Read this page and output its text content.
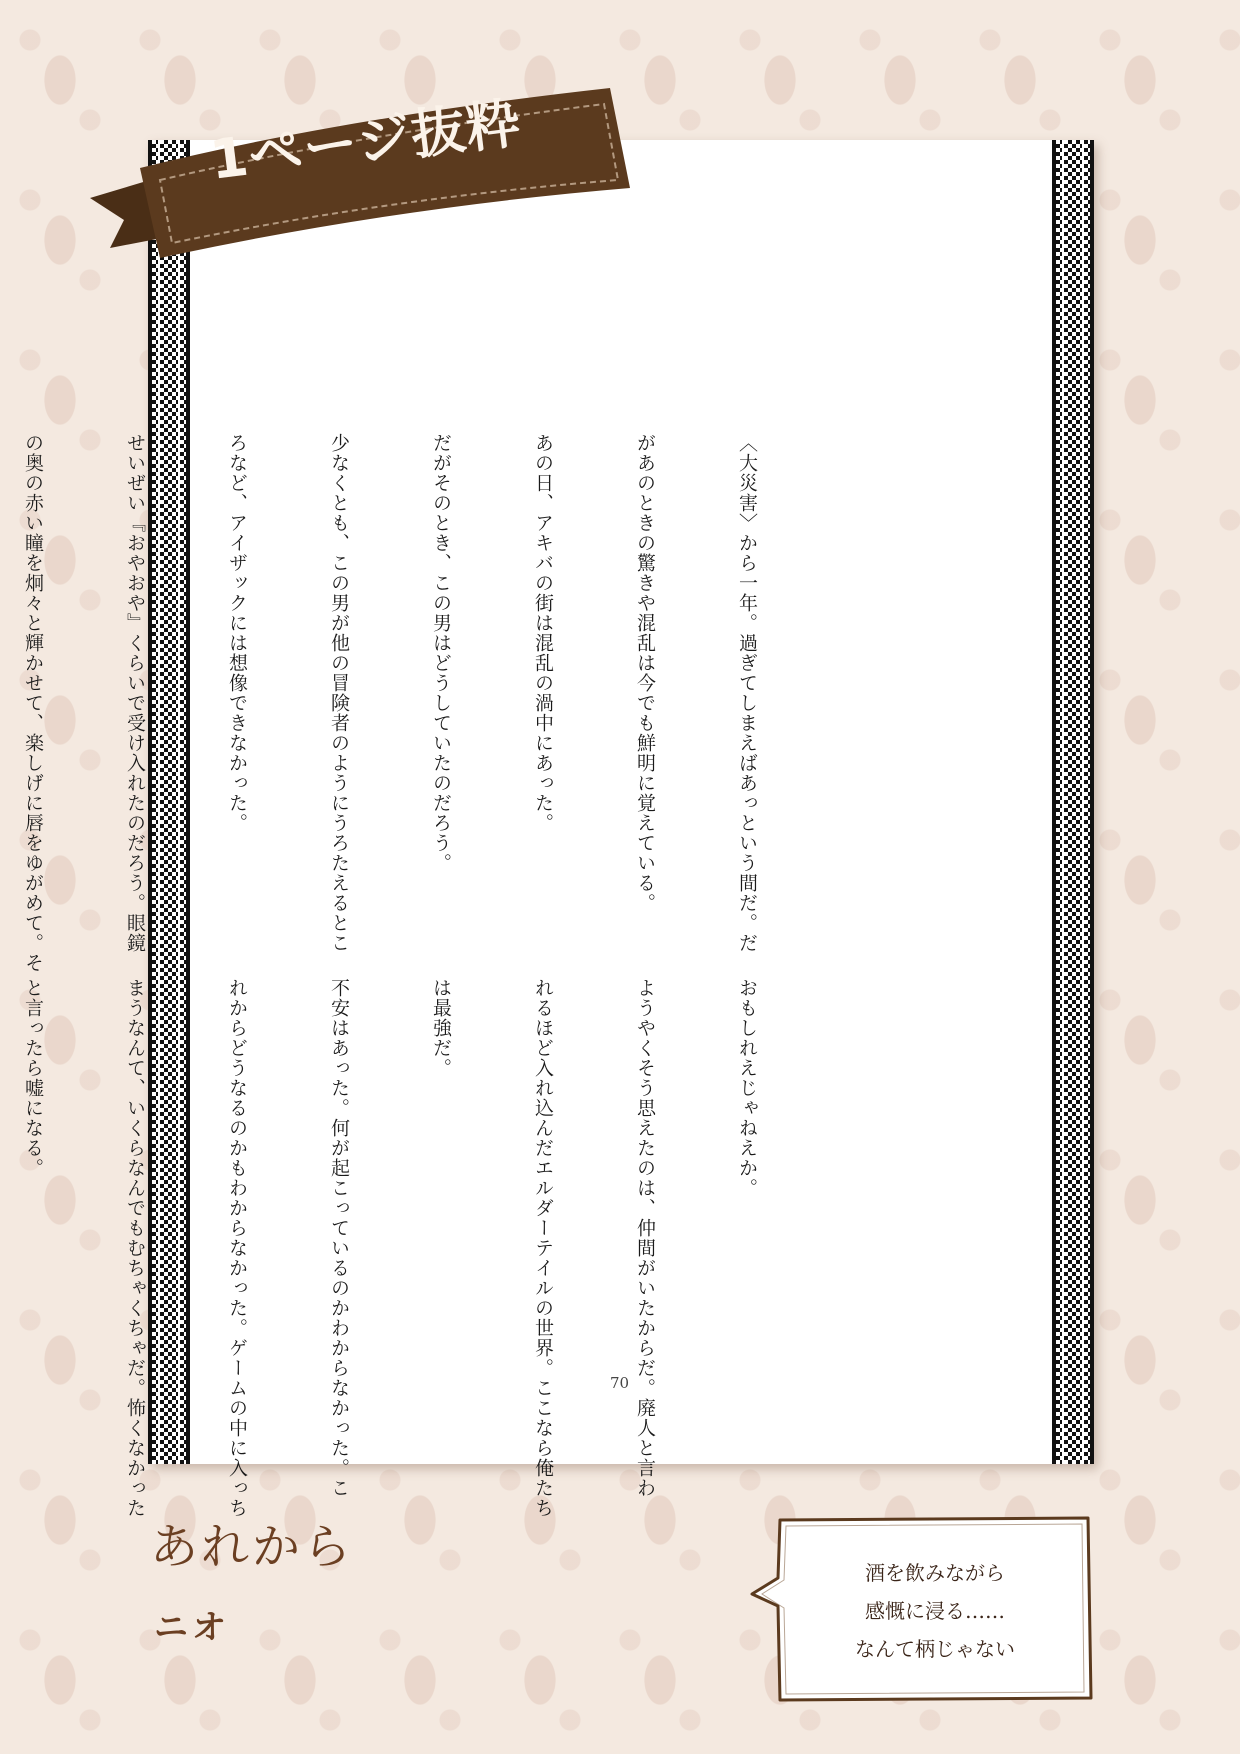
〈大災害〉から一年。過ぎてしまえばあっという間だ。だ

があのときの驚きや混乱は今でも鮮明に覚えている。

あの日、アキバの街は混乱の渦中にあった。

だがそのとき、この男はどうしていたのだろう。

少なくとも、この男が他の冒険者のようにうろたえるとこ

ろなど、アイザックには想像できなかった。

せいぜい『おやおや』くらいで受け入れたのだろう。眼鏡

の奥の赤い瞳を炯々と輝かせて、楽しげに唇をゆがめて。そ

おもしれえじゃねえか。

ようやくそう思えたのは、仲間がいたからだ。廃人と言わ

れるほど入れ込んだエルダーテイルの世界。ここなら俺たち

は最強だ。

不安はあった。何が起こっているのかわからなかった。こ

れからどうなるのかもわからなかった。ゲームの中に入っち

まうなんて、いくらなんでもむちゃくちゃだ。怖くなかった

と言ったら嘘になる。

70
1ページ抜粋
あれから
ニオ
酒を飲みながら
感慨に浸る……
なんて柄じゃない
